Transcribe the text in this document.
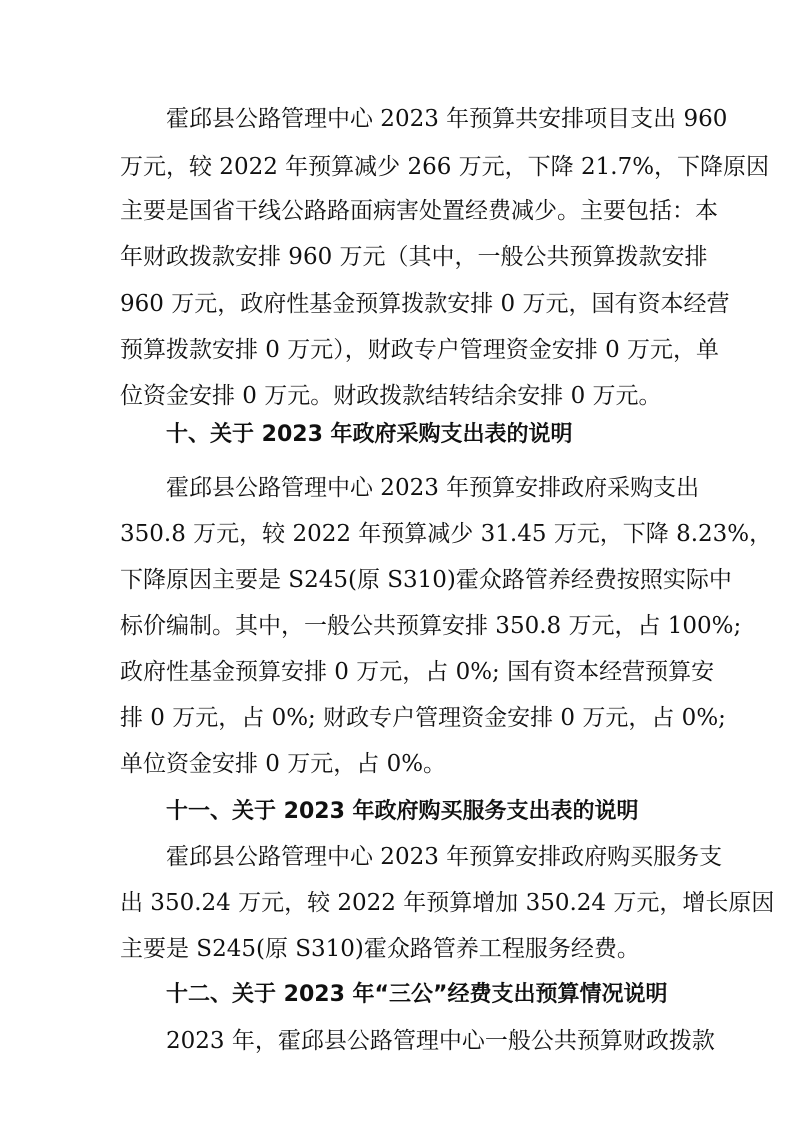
霍邱县公路管理中心 2023 年预算共安排项目支出 960
万元，较 2022 年预算减少 266 万元，下降 21.7%，下降原因
主要是国省干线公路路面病害处置经费减少。主要包括：本
年财政拨款安排 960 万元（其中，一般公共预算拨款安排
960 万元，政府性基金预算拨款安排 0 万元，国有资本经营
预算拨款安排 0 万元），财政专户管理资金安排 0 万元，单
位资金安排 0 万元。财政拨款结转结余安排 0 万元。
十、关于 2023 年政府采购支出表的说明
霍邱县公路管理中心 2023 年预算安排政府采购支出
350.8 万元，较 2022 年预算减少 31.45 万元，下降 8.23%，
下降原因主要是 S245(原 S310)霍众路管养经费按照实际中
标价编制。其中，一般公共预算安排 350.8 万元，占 100%;
政府性基金预算安排 0 万元，占 0%; 国有资本经营预算安
排 0 万元，占 0%; 财政专户管理资金安排 0 万元，占 0%;
单位资金安排 0 万元，占 0%。
十一、关于 2023 年政府购买服务支出表的说明
霍邱县公路管理中心 2023 年预算安排政府购买服务支
出 350.24 万元，较 2022 年预算增加 350.24 万元，增长原因
主要是 S245(原 S310)霍众路管养工程服务经费。
十二、关于 2023 年“三公”经费支出预算情况说明
2023 年，霍邱县公路管理中心一般公共预算财政拨款
